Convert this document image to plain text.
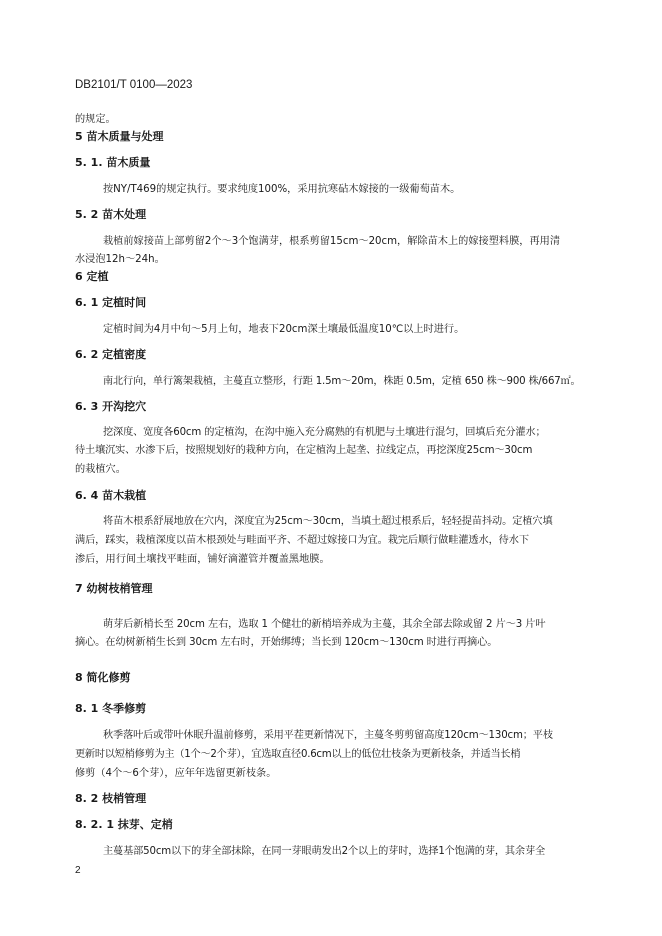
DB2101/T 0100—2023
的规定。
5 苗木质量与处理
5. 1. 苗木质量
按NY/T469的规定执行。要求纯度100%，采用抗寒砧木嫁接的一级葡萄苗木。
5. 2 苗木处理
栽植前嫁接苗上部剪留2个～3个饱满芽，根系剪留15cm～20cm，解除苗木上的嫁接塑料膜，再用清
水浸泡12h～24h。
6 定植
6. 1 定植时间
定植时间为4月中旬～5月上旬，地表下20cm深土壤最低温度10℃以上时进行。
6. 2 定植密度
南北行向，单行篱架栽植，主蔓直立整形，行距 1.5m～20m，株距 0.5m，定植 650 株～900 株/667㎡。
6. 3 开沟挖穴
挖深度、宽度各60cm 的定植沟，在沟中施入充分腐熟的有机肥与土壤进行混匀，回填后充分灌水；
待土壤沉实、水渗下后，按照规划好的栽种方向，在定植沟上起垄、拉线定点，再挖深度25cm～30cm
的栽植穴。
6. 4 苗木栽植
将苗木根系舒展地放在穴内，深度宜为25cm～30cm，当填土超过根系后，轻轻提苗抖动。定植穴填
满后，踩实，栽植深度以苗木根颈处与畦面平齐、不超过嫁接口为宜。栽完后顺行做畦灌透水，待水下
渗后，用行间土壤找平畦面，铺好滴灌管并覆盖黑地膜。
7 幼树枝梢管理
萌芽后新梢长至 20cm 左右，选取 1 个健壮的新梢培养成为主蔓，其余全部去除或留 2 片～3 片叶
摘心。在幼树新梢生长到 30cm 左右时，开始绑缚；当长到 120cm～130cm 时进行再摘心。
8 简化修剪
8. 1 冬季修剪
秋季落叶后或带叶休眠升温前修剪，采用平茬更新情况下，主蔓冬剪剪留高度120cm～130cm；平枝
更新时以短梢修剪为主（1个～2个芽），宜选取直径0.6cm以上的低位壮枝条为更新枝条，并适当长梢
修剪（4个～6个芽），应年年选留更新枝条。
8. 2 枝梢管理
8. 2. 1 抹芽、定梢
主蔓基部50cm以下的芽全部抹除，在同一芽眼萌发出2个以上的芽时，选择1个饱满的芽，其余芽全
2
